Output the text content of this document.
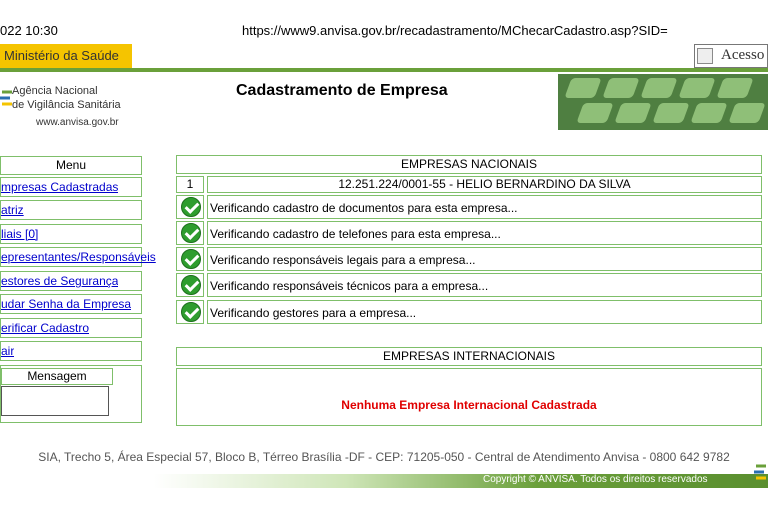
022 10:30	https://www9.anvisa.gov.br/recadastramento/MChecarCadastro.asp?SID=
Ministério da Saúde	Acesso
Agência Nacional
de Vigilância Sanitária
www.anvisa.gov.br
Cadastramento de Empresa
Menu
mpresas Cadastradas
atriz
liais [0]
epresentantes/Responsáveis
estores de Segurança
udar Senha da Empresa
erificar Cadastro
air
Mensagem
EMPRESAS NACIONAIS
1	12.251.224/0001-55 - HELIO BERNARDINO DA SILVA
Verificando cadastro de documentos para esta empresa...
Verificando cadastro de telefones para esta empresa...
Verificando responsáveis legais para a empresa...
Verificando responsáveis técnicos para a empresa...
Verificando gestores para a empresa...
EMPRESAS INTERNACIONAIS
Nenhuma Empresa Internacional Cadastrada
SIA, Trecho 5, Área Especial 57, Bloco B, Térreo Brasília -DF - CEP: 71205-050 - Central de Atendimento Anvisa - 0800 642 9782
Copyright © ANVISA. Todos os direitos reservados
